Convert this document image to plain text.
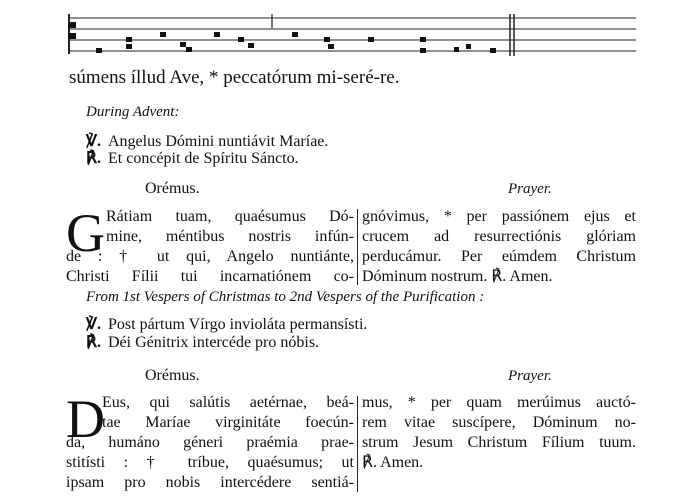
súmens íllud Ave, * peccatórum mi-seré-re.
During Advent:
℣. Angelus Dómini nuntiávit Maríae.
℟. Et concépit de Spíritu Sáncto.
Orémus.	Prayer.
G Rátiam tuam, quaésumus Dó-
mine, méntibus nostris infún-
de : † ut qui, Angelo nuntiánte,
Christi Fílii tui incarnatiónem co-
gnóvimus, * per passiónem ejus et
crucem ad resurrectiónis glóriam
perducámur. Per eúmdem Christum
Dóminum nostrum. ℟. Amen.
From 1st Vespers of Christmas to 2nd Vespers of the Purification :
℣. Post pártum Vírgo invioláta permansísti.
℟. Déi Génitrix intercéde pro nóbis.
Orémus.	Prayer.
D
Eus, qui salútis aetérnae, beá-
tae Maríae virginitáte foecún-
da, humáno géneri praémia prae-
stitísti : † tríbue, quaésumus; ut
ipsam pro nobis intercédere sentiá-
mus, * per quam merúimus auctó-
rem vitae suscípere, Dóminum no-
strum Jesum Christum Fílium tuum.
℟. Amen.
